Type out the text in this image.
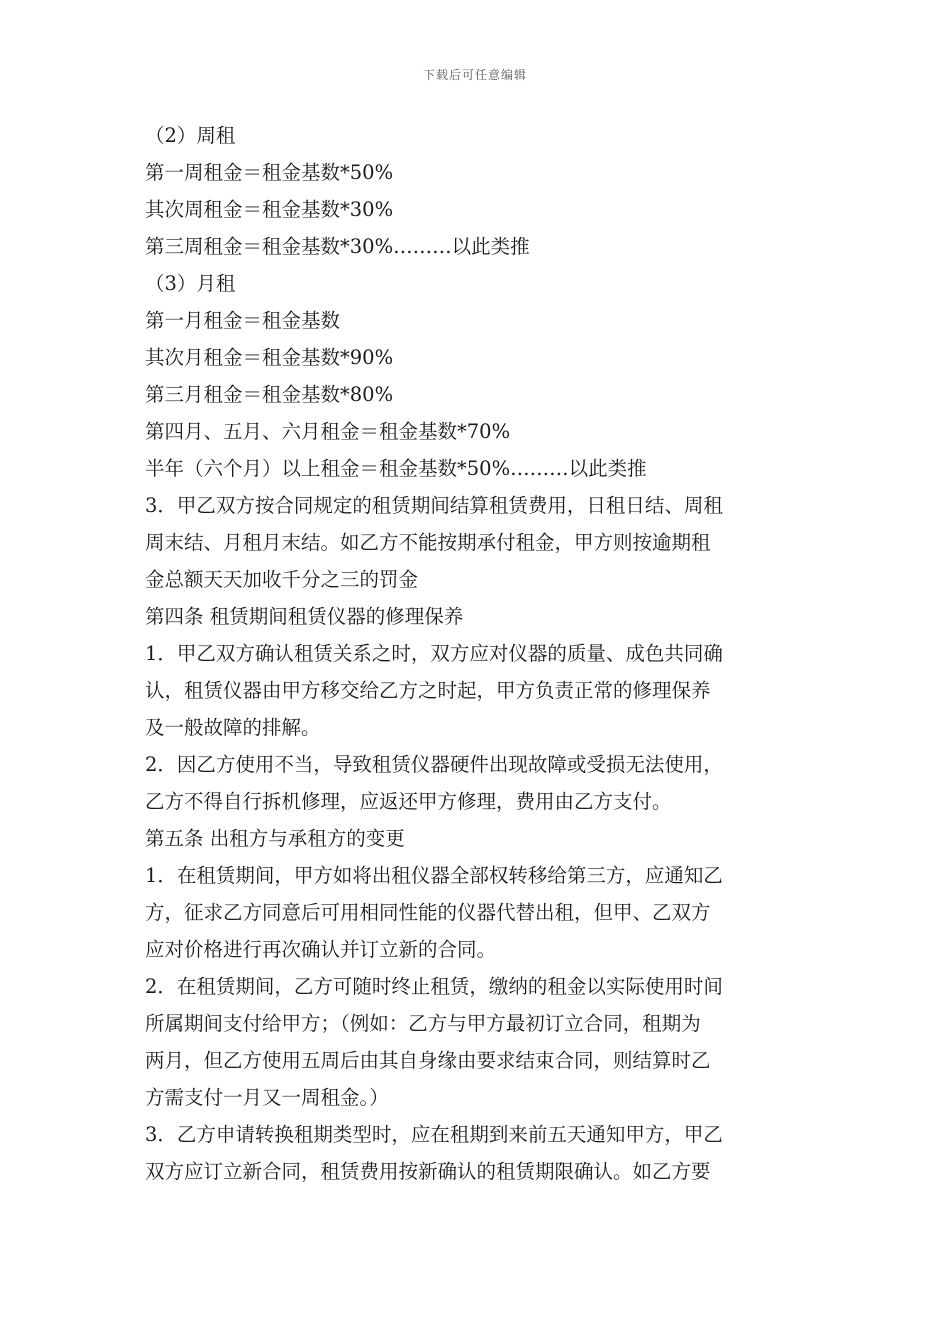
下载后可任意编辑
（2）周租
第一周租金＝租金基数*50%
其次周租金＝租金基数*30%
第三周租金＝租金基数*30%………以此类推
（3）月租
第一月租金＝租金基数
其次月租金＝租金基数*90%
第三月租金＝租金基数*80%
第四月、五月、六月租金＝租金基数*70%
半年（六个月）以上租金＝租金基数*50%………以此类推
3．甲乙双方按合同规定的租赁期间结算租赁费用，日租日结、周租
周末结、月租月末结。如乙方不能按期承付租金，甲方则按逾期租
金总额天天加收千分之三的罚金
第四条 租赁期间租赁仪器的修理保养
1．甲乙双方确认租赁关系之时，双方应对仪器的质量、成色共同确
认，租赁仪器由甲方移交给乙方之时起，甲方负责正常的修理保养
及一般故障的排解。
2．因乙方使用不当，导致租赁仪器硬件出现故障或受损无法使用，
乙方不得自行拆机修理，应返还甲方修理，费用由乙方支付。
第五条 出租方与承租方的变更
1．在租赁期间，甲方如将出租仪器全部权转移给第三方，应通知乙
方，征求乙方同意后可用相同性能的仪器代替出租，但甲、乙双方
应对价格进行再次确认并订立新的合同。
2．在租赁期间，乙方可随时终止租赁，缴纳的租金以实际使用时间
所属期间支付给甲方；（例如：乙方与甲方最初订立合同，租期为
两月，但乙方使用五周后由其自身缘由要求结束合同，则结算时乙
方需支付一月又一周租金。）
3．乙方申请转换租期类型时，应在租期到来前五天通知甲方，甲乙
双方应订立新合同，租赁费用按新确认的租赁期限确认。如乙方要
